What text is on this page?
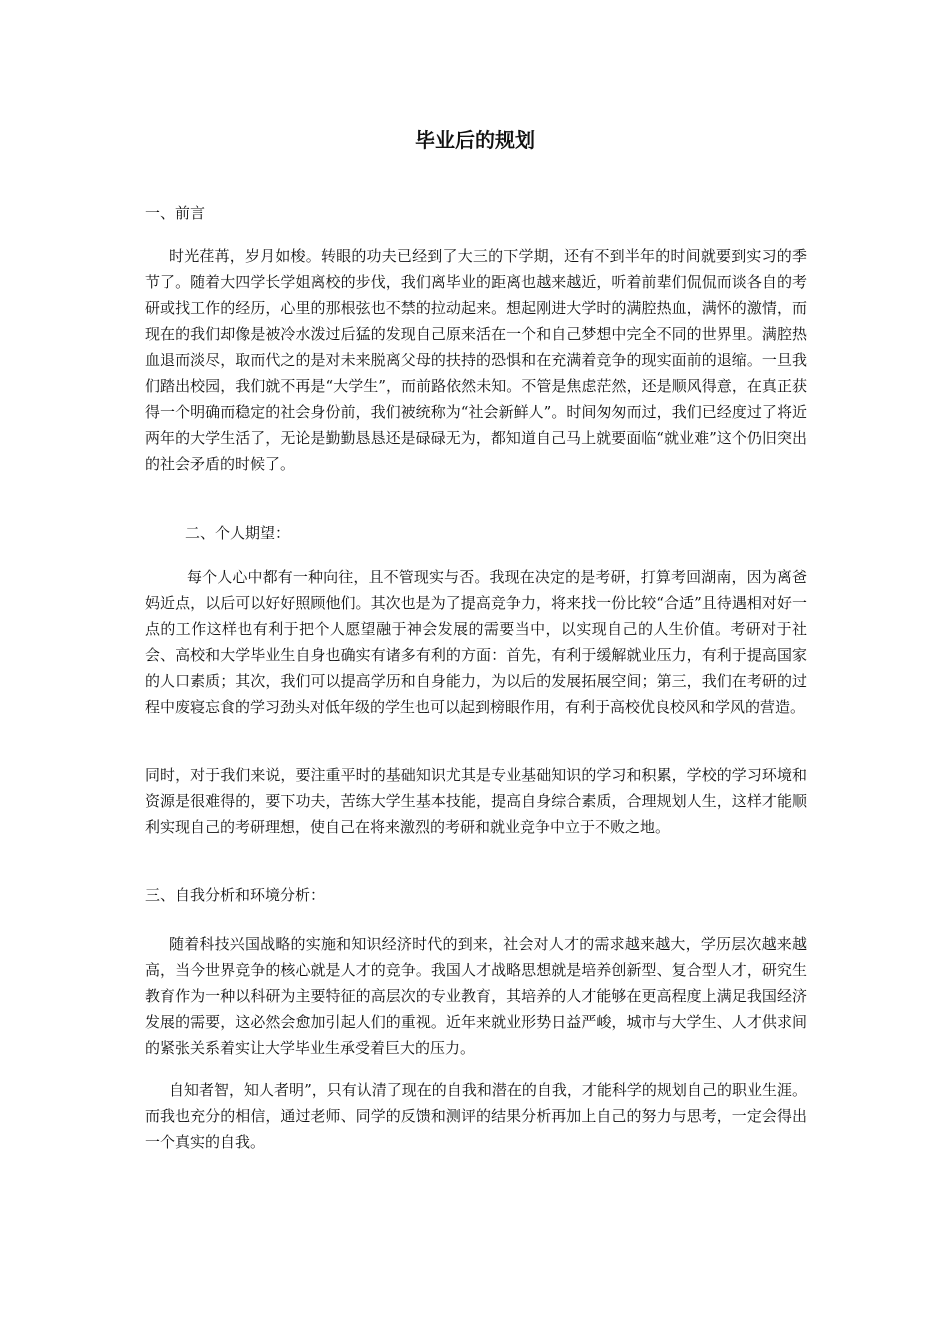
毕业后的规划

一、前言

时光荏苒，岁月如梭。转眼的功夫已经到了大三的下学期，还有不到半年的时间就要到实习的季节了。随着大四学长学姐离校的步伐，我们离毕业的距离也越来越近，听着前辈们侃侃而谈各自的考研或找工作的经历，心里的那根弦也不禁的拉动起来。想起刚进大学时的满腔热血，满怀的激情，而现在的我们却像是被冷水泼过后猛的发现自己原来活在一个和自己梦想中完全不同的世界里。满腔热血退而淡尽，取而代之的是对未来脱离父母的扶持的恐惧和在充满着竞争的现实面前的退缩。一旦我们踏出校园，我们就不再是“大学生”，而前路依然未知。不管是焦虑茫然，还是顺风得意，在真正获得一个明确而稳定的社会身份前，我们被统称为“社会新鲜人”。时间匆匆而过，我们已经度过了将近两年的大学生活了，无论是勤勤恳恳还是碌碌无为，都知道自己马上就要面临“就业难”这个仍旧突出的社会矛盾的时候了。

二、个人期望：

每个人心中都有一种向往，且不管现实与否。我现在决定的是考研，打算考回湖南，因为离爸妈近点，以后可以好好照顾他们。其次也是为了提高竞争力，将来找一份比较“合适”且待遇相对好一点的工作这样也有利于把个人愿望融于神会发展的需要当中，以实现自己的人生价值。考研对于社会、高校和大学毕业生自身也确实有诸多有利的方面：首先，有利于缓解就业压力，有利于提高国家的人口素质；其次，我们可以提高学历和自身能力，为以后的发展拓展空间；第三，我们在考研的过程中废寝忘食的学习劲头对低年级的学生也可以起到榜眼作用，有利于高校优良校风和学风的营造。

同时，对于我们来说，要注重平时的基础知识尤其是专业基础知识的学习和积累，学校的学习环境和资源是很难得的，要下功夫，苦练大学生基本技能，提高自身综合素质，合理规划人生，这样才能顺利实现自己的考研理想，使自己在将来激烈的考研和就业竞争中立于不败之地。

三、自我分析和环境分析：

随着科技兴国战略的实施和知识经济时代的到来，社会对人才的需求越来越大，学历层次越来越高，当今世界竞争的核心就是人才的竞争。我国人才战略思想就是培养创新型、复合型人才，研究生教育作为一种以科研为主要特征的高层次的专业教育，其培养的人才能够在更高程度上满足我国经济发展的需要，这必然会愈加引起人们的重视。近年来就业形势日益严峻，城市与大学生、人才供求间的紧张关系着实让大学毕业生承受着巨大的压力。

自知者智，知人者明”，只有认清了现在的自我和潜在的自我，才能科学的规划自己的职业生涯。而我也充分的相信，通过老师、同学的反馈和测评的结果分析再加上自己的努力与思考，一定会得出一个真实的自我。
